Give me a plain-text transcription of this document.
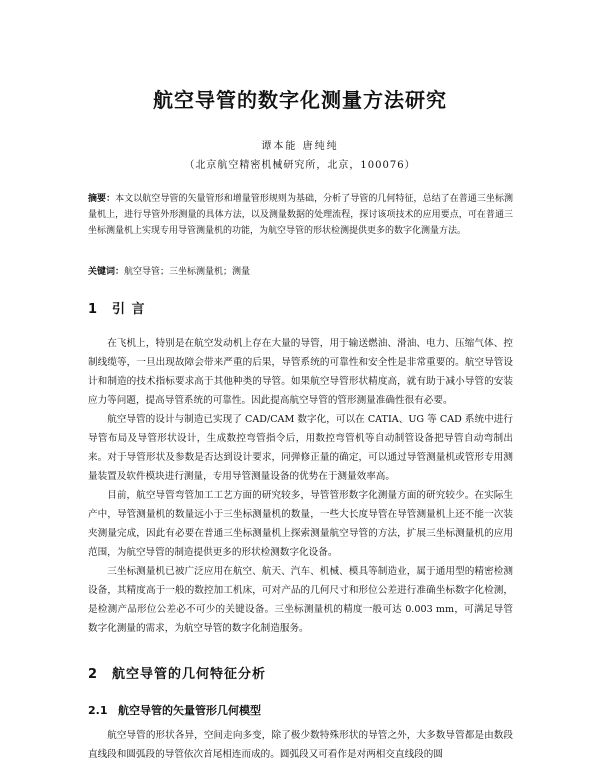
航空导管的数字化测量方法研究
谭本能 唐纯纯
（北京航空精密机械研究所，北京，100076）
摘要：本文以航空导管的矢量管形和增量管形规则为基础，分析了导管的几何特征，总结了在普通三坐标测量机上，进行导管外形测量的具体方法，以及测量数据的处理流程，探讨该项技术的应用要点，可在普通三坐标测量机上实现专用导管测量机的功能，为航空导管的形状检测提供更多的数字化测量方法。
关键词：航空导管；三坐标测量机；测量
1 引 言

在飞机上，特别是在航空发动机上存在大量的导管，用于输送燃油、滑油、电力、压缩气体、控制线缆等，一旦出现故障会带来严重的后果，导管系统的可靠性和安全性是非常重要的。航空导管设计和制造的技术指标要求高于其他种类的导管。如果航空导管形状精度高，就有助于减小导管的安装应力等问题，提高导管系统的可靠性。因此提高航空导管的管形测量准确性很有必要。

航空导管的设计与制造已实现了 CAD/CAM 数字化，可以在 CATIA、UG 等 CAD 系统中进行导管布局及导管形状设计，生成数控弯管指令后，用数控弯管机等自动制管设备把导管自动弯制出来。对于导管形状及参数是否达到设计要求，同弹修正量的确定，可以通过导管测量机或管形专用测量装置及软件模块进行测量，专用导管测量设备的优势在于测量效率高。

目前，航空导管弯管加工工艺方面的研究较多，导管管形数字化测量方面的研究较少。在实际生产中，导管测量机的数量远小于三坐标测量机的数量，一些大长度导管在导管测量机上还不能一次装夹测量完成，因此有必要在普通三坐标测量机上探索测量航空导管的方法，扩展三坐标测量机的应用范围，为航空导管的制造提供更多的形状检测数字化设备。

三坐标测量机已被广泛应用在航空、航天、汽车、机械、模具等制造业，属于通用型的精密检测设备，其精度高于一般的数控加工机床，可对产品的几何尺寸和形位公差进行准确坐标数字化检测，是检测产品形位公差必不可少的关键设备。三坐标测量机的精度一般可达 0.003 mm，可满足导管数字化测量的需求，为航空导管的数字化制造服务。

2 航空导管的几何特征分析
2.1 航空导管的矢量管形几何模型

航空导管的形状各异，空间走向多变，除了极少数特殊形状的导管之外，大多数导管都是由数段直线段和圆弧段的导管依次首尾相连而成的。圆弧段又可看作是对两相交直线段的圆
